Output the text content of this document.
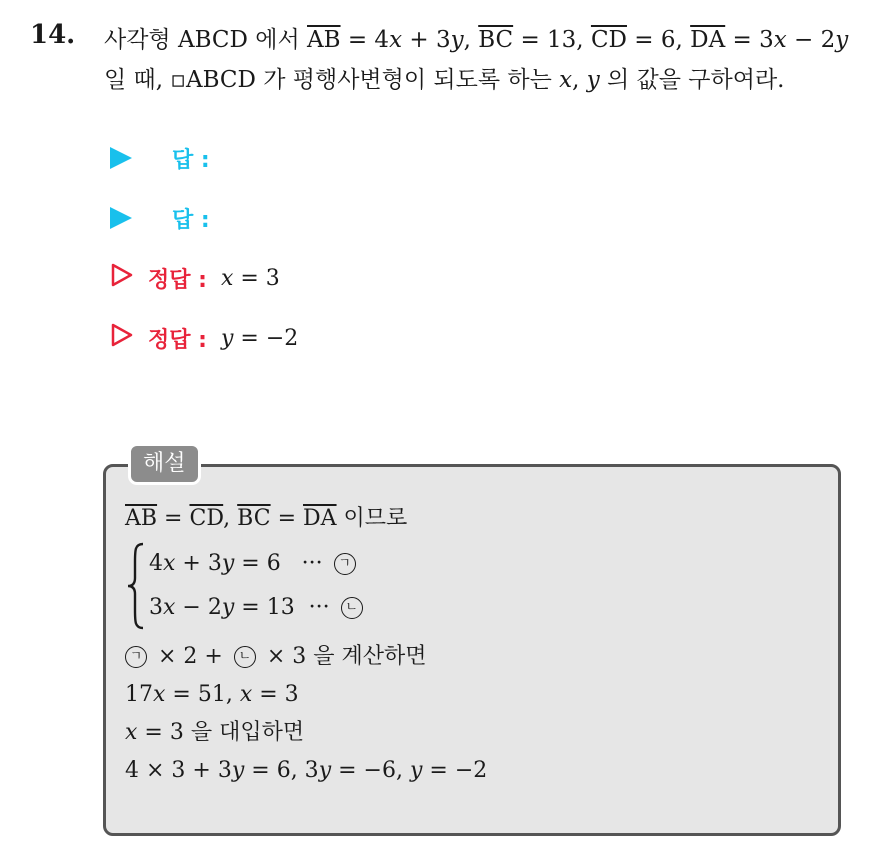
14. 사각형 ABCD 에서 $\overline{AB} = 4x + 3y$, $\overline{BC} = 13$, $\overline{CD} = 6$, $\overline{DA} = 3x - 2y$
일 때, ▫ABCD 가 평행사변형이 되도록 하는 x, y 의 값을 구하여라.
답 :
답 :
정답 : x = 3
정답 : y = −2
해설
$\overline{AB} = \overline{CD}$, $\overline{BC} = \overline{DA}$ 이므로
4x + 3y = 6   ··· ㄱ
3x − 2y = 13  ··· ㄴ
ㄱ × 2 + ㄴ × 3 을 계산하면
17x = 51, x = 3
x = 3 을 대입하면
4 × 3 + 3y = 6, 3y = −6, y = −2
